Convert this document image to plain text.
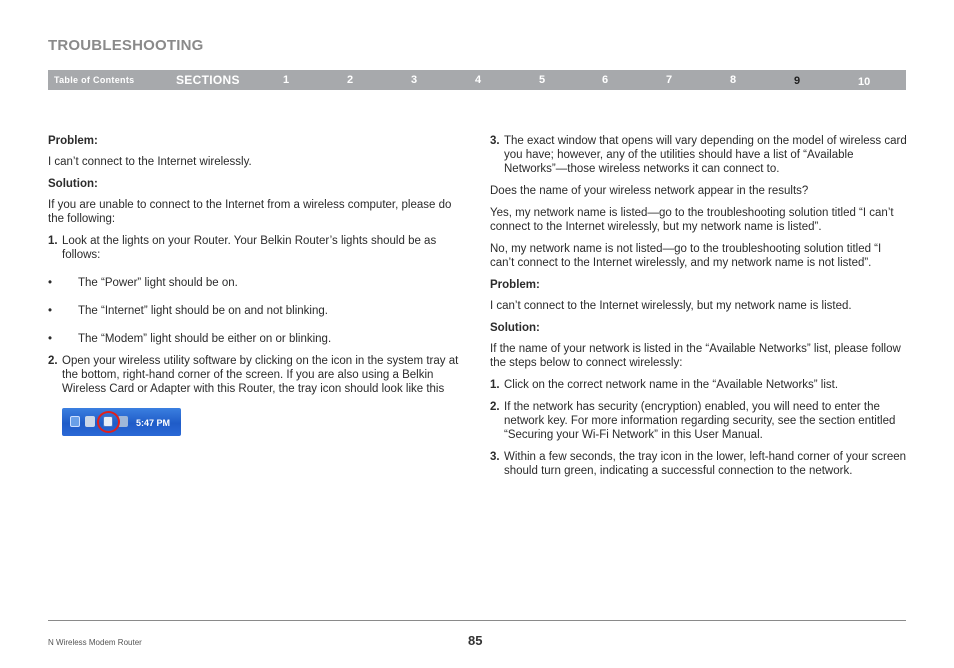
TROUBLESHOOTING
Table of Contents	SECTIONS	1	2	3	4	5	6	7	8	9	10
Problem:
I can’t connect to the Internet wirelessly.
Solution:
If you are unable to connect to the Internet from a wireless computer, please do the following:
1. Look at the lights on your Router. Your Belkin Router’s lights should be as follows:
• The “Power” light should be on.
• The “Internet” light should be on and not blinking.
• The “Modem” light should be either on or blinking.
2. Open your wireless utility software by clicking on the icon in the system tray at the bottom, right-hand corner of the screen. If you are also using a Belkin Wireless Card or Adapter with this Router, the tray icon should look like this
5:47 PM
3. The exact window that opens will vary depending on the model of wireless card you have; however, any of the utilities should have a list of “Available Networks”—those wireless networks it can connect to.
Does the name of your wireless network appear in the results?
Yes, my network name is listed—go to the troubleshooting solution titled “I can’t connect to the Internet wirelessly, but my network name is listed”.
No, my network name is not listed—go to the troubleshooting solution titled “I can’t connect to the Internet wirelessly, and my network name is not listed”.
Problem:
I can’t connect to the Internet wirelessly, but my network name is listed.
Solution:
If the name of your network is listed in the “Available Networks” list, please follow the steps below to connect wirelessly:
1. Click on the correct network name in the “Available Networks” list.
2. If the network has security (encryption) enabled, you will need to enter the network key. For more information regarding security, see the section entitled “Securing your Wi-Fi Network” in this User Manual.
3. Within a few seconds, the tray icon in the lower, left-hand corner of your screen should turn green, indicating a successful connection to the network.
N Wireless Modem Router	85
